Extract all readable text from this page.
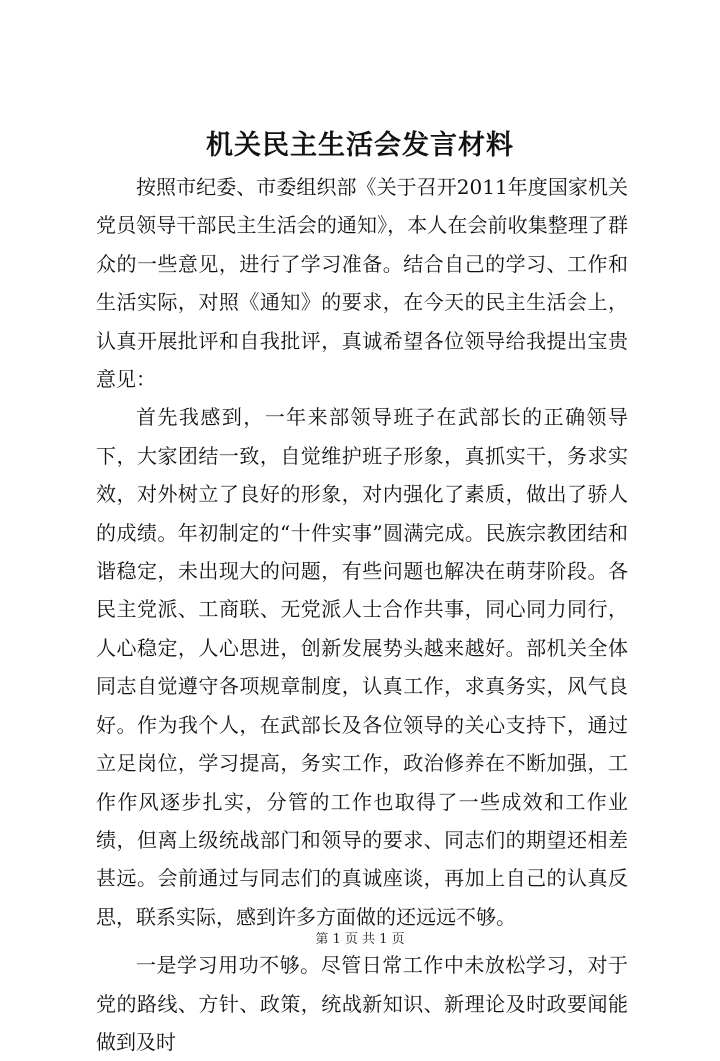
机关民主生活会发言材料

按照市纪委、市委组织部《关于召开2011年度国家机关党员领导干部民主生活会的通知》，本人在会前收集整理了群众的一些意见，进行了学习准备。结合自己的学习、工作和生活实际，对照《通知》的要求，在今天的民主生活会上，认真开展批评和自我批评，真诚希望各位领导给我提出宝贵意见：

首先我感到，一年来部领导班子在武部长的正确领导下，大家团结一致，自觉维护班子形象，真抓实干，务求实效，对外树立了良好的形象，对内强化了素质，做出了骄人的成绩。年初制定的“十件实事”圆满完成。民族宗教团结和谐稳定，未出现大的问题，有些问题也解决在萌芽阶段。各民主党派、工商联、无党派人士合作共事，同心同力同行，人心稳定，人心思进，创新发展势头越来越好。部机关全体同志自觉遵守各项规章制度，认真工作，求真务实，风气良好。作为我个人，在武部长及各位领导的关心支持下，通过立足岗位，学习提高，务实工作，政治修养在不断加强，工作作风逐步扎实，分管的工作也取得了一些成效和工作业绩，但离上级统战部门和领导的要求、同志们的期望还相差甚远。会前通过与同志们的真诚座谈，再加上自己的认真反思，联系实际，感到许多方面做的还远远不够。

一是学习用功不够。尽管日常工作中未放松学习，对于党的路线、方针、政策，统战新知识、新理论及时政要闻能做到及时

第 1 页 共 1 页
